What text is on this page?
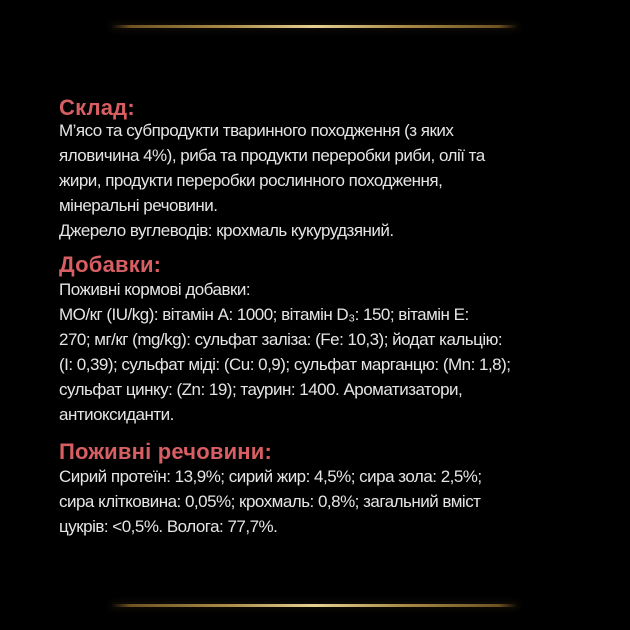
Склад:
М’ясо та субпродукти тваринного походження (з яких
яловичина 4%), риба та продукти переробки риби, олії та
жири, продукти переробки рослинного походження,
мінеральні речовини.
Джерело вуглеводів: крохмаль кукурудзяний.
Добавки:
Поживні кормові добавки:
МО/кг (IU/kg): вітамін А: 1000; вітамін D₃: 150; вітамін Е:
270; мг/кг (mg/kg): сульфат заліза: (Fe: 10,3); йодат кальцію:
(І: 0,39); сульфат міді: (Cu: 0,9); сульфат марганцю: (Mn: 1,8);
сульфат цинку: (Zn: 19); таурин: 1400. Ароматизатори,
антиоксиданти.
Поживні речовини:
Сирий протеїн: 13,9%; сирий жир: 4,5%; сира зола: 2,5%;
сира клітковина: 0,05%; крохмаль: 0,8%; загальний вміст
цукрів: <0,5%. Волога: 77,7%.
